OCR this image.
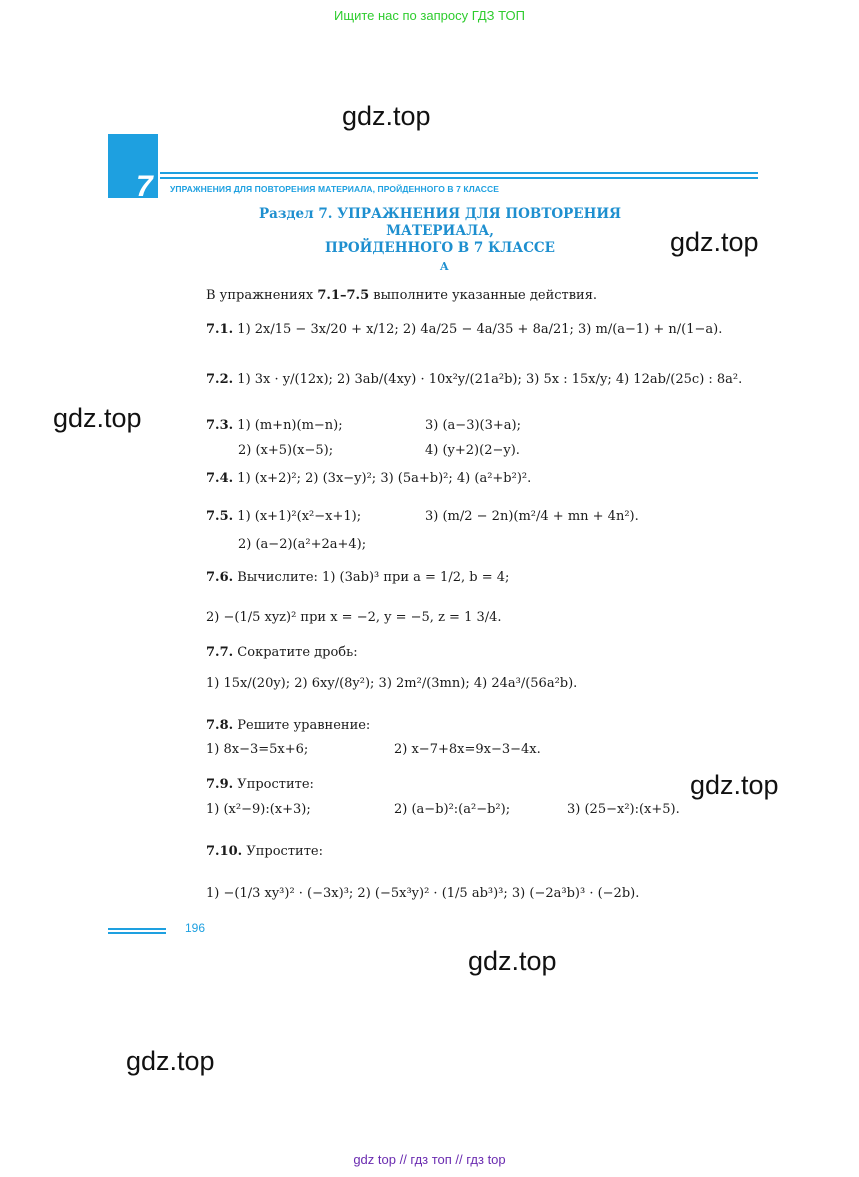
Ищите нас по запросу ГДЗ ТОП
gdz.top
gdz.top
gdz.top
gdz.top
gdz.top
gdz.top
7 УПРАЖНЕНИЯ ДЛЯ ПОВТОРЕНИЯ МАТЕРИАЛА, ПРОЙДЕННОГО В 7 КЛАССЕ
Раздел 7. УПРАЖНЕНИЯ ДЛЯ ПОВТОРЕНИЯ МАТЕРИАЛА,
ПРОЙДЕННОГО В 7 КЛАССЕ
A
В упражнениях 7.1–7.5 выполните указанные действия.
7.1. 1) 2x/15 − 3x/20 + x/12; 2) 4a/25 − 4a/35 + 8a/21; 3) m/(a−1) + n/(1−a).
7.2. 1) 3x · y/(12x); 2) 3ab/(4xy) · 10x²y/(21a²b); 3) 5x : 15x/y; 4) 12ab/(25c) : 8a².
7.3. 1) (m+n)(m−n);	3) (a−3)(3+a);
2) (x+5)(x−5);	4) (y+2)(2−y).
7.4. 1) (x+2)²; 2) (3x−y)²; 3) (5a+b)²; 4) (a²+b²)².
7.5. 1) (x+1)²(x²−x+1);	3) (m/2 − 2n)(m²/4 + mn + 4n²).
2) (a−2)(a²+2a+4);
7.6. Вычислите: 1) (3ab)³ при a = 1/2, b = 4;
2) −(1/5 xyz)² при x = −2, y = −5, z = 1 3/4.
7.7. Сократите дробь:
1) 15x/(20y); 2) 6xy/(8y²); 3) 2m²/(3mn); 4) 24a³/(56a²b).
7.8. Решите уравнение:
1) 8x−3=5x+6;	2) x−7+8x=9x−3−4x.
7.9. Упростите:
1) (x²−9):(x+3);	2) (a−b)²:(a²−b²);	3) (25−x²):(x+5).
7.10. Упростите:
1) −(1/3 xy³)² · (−3x)³; 2) (−5x³y)² · (1/5 ab³)³; 3) (−2a³b)³ · (−2b).
196
gdz top // гдз топ // гдз top
